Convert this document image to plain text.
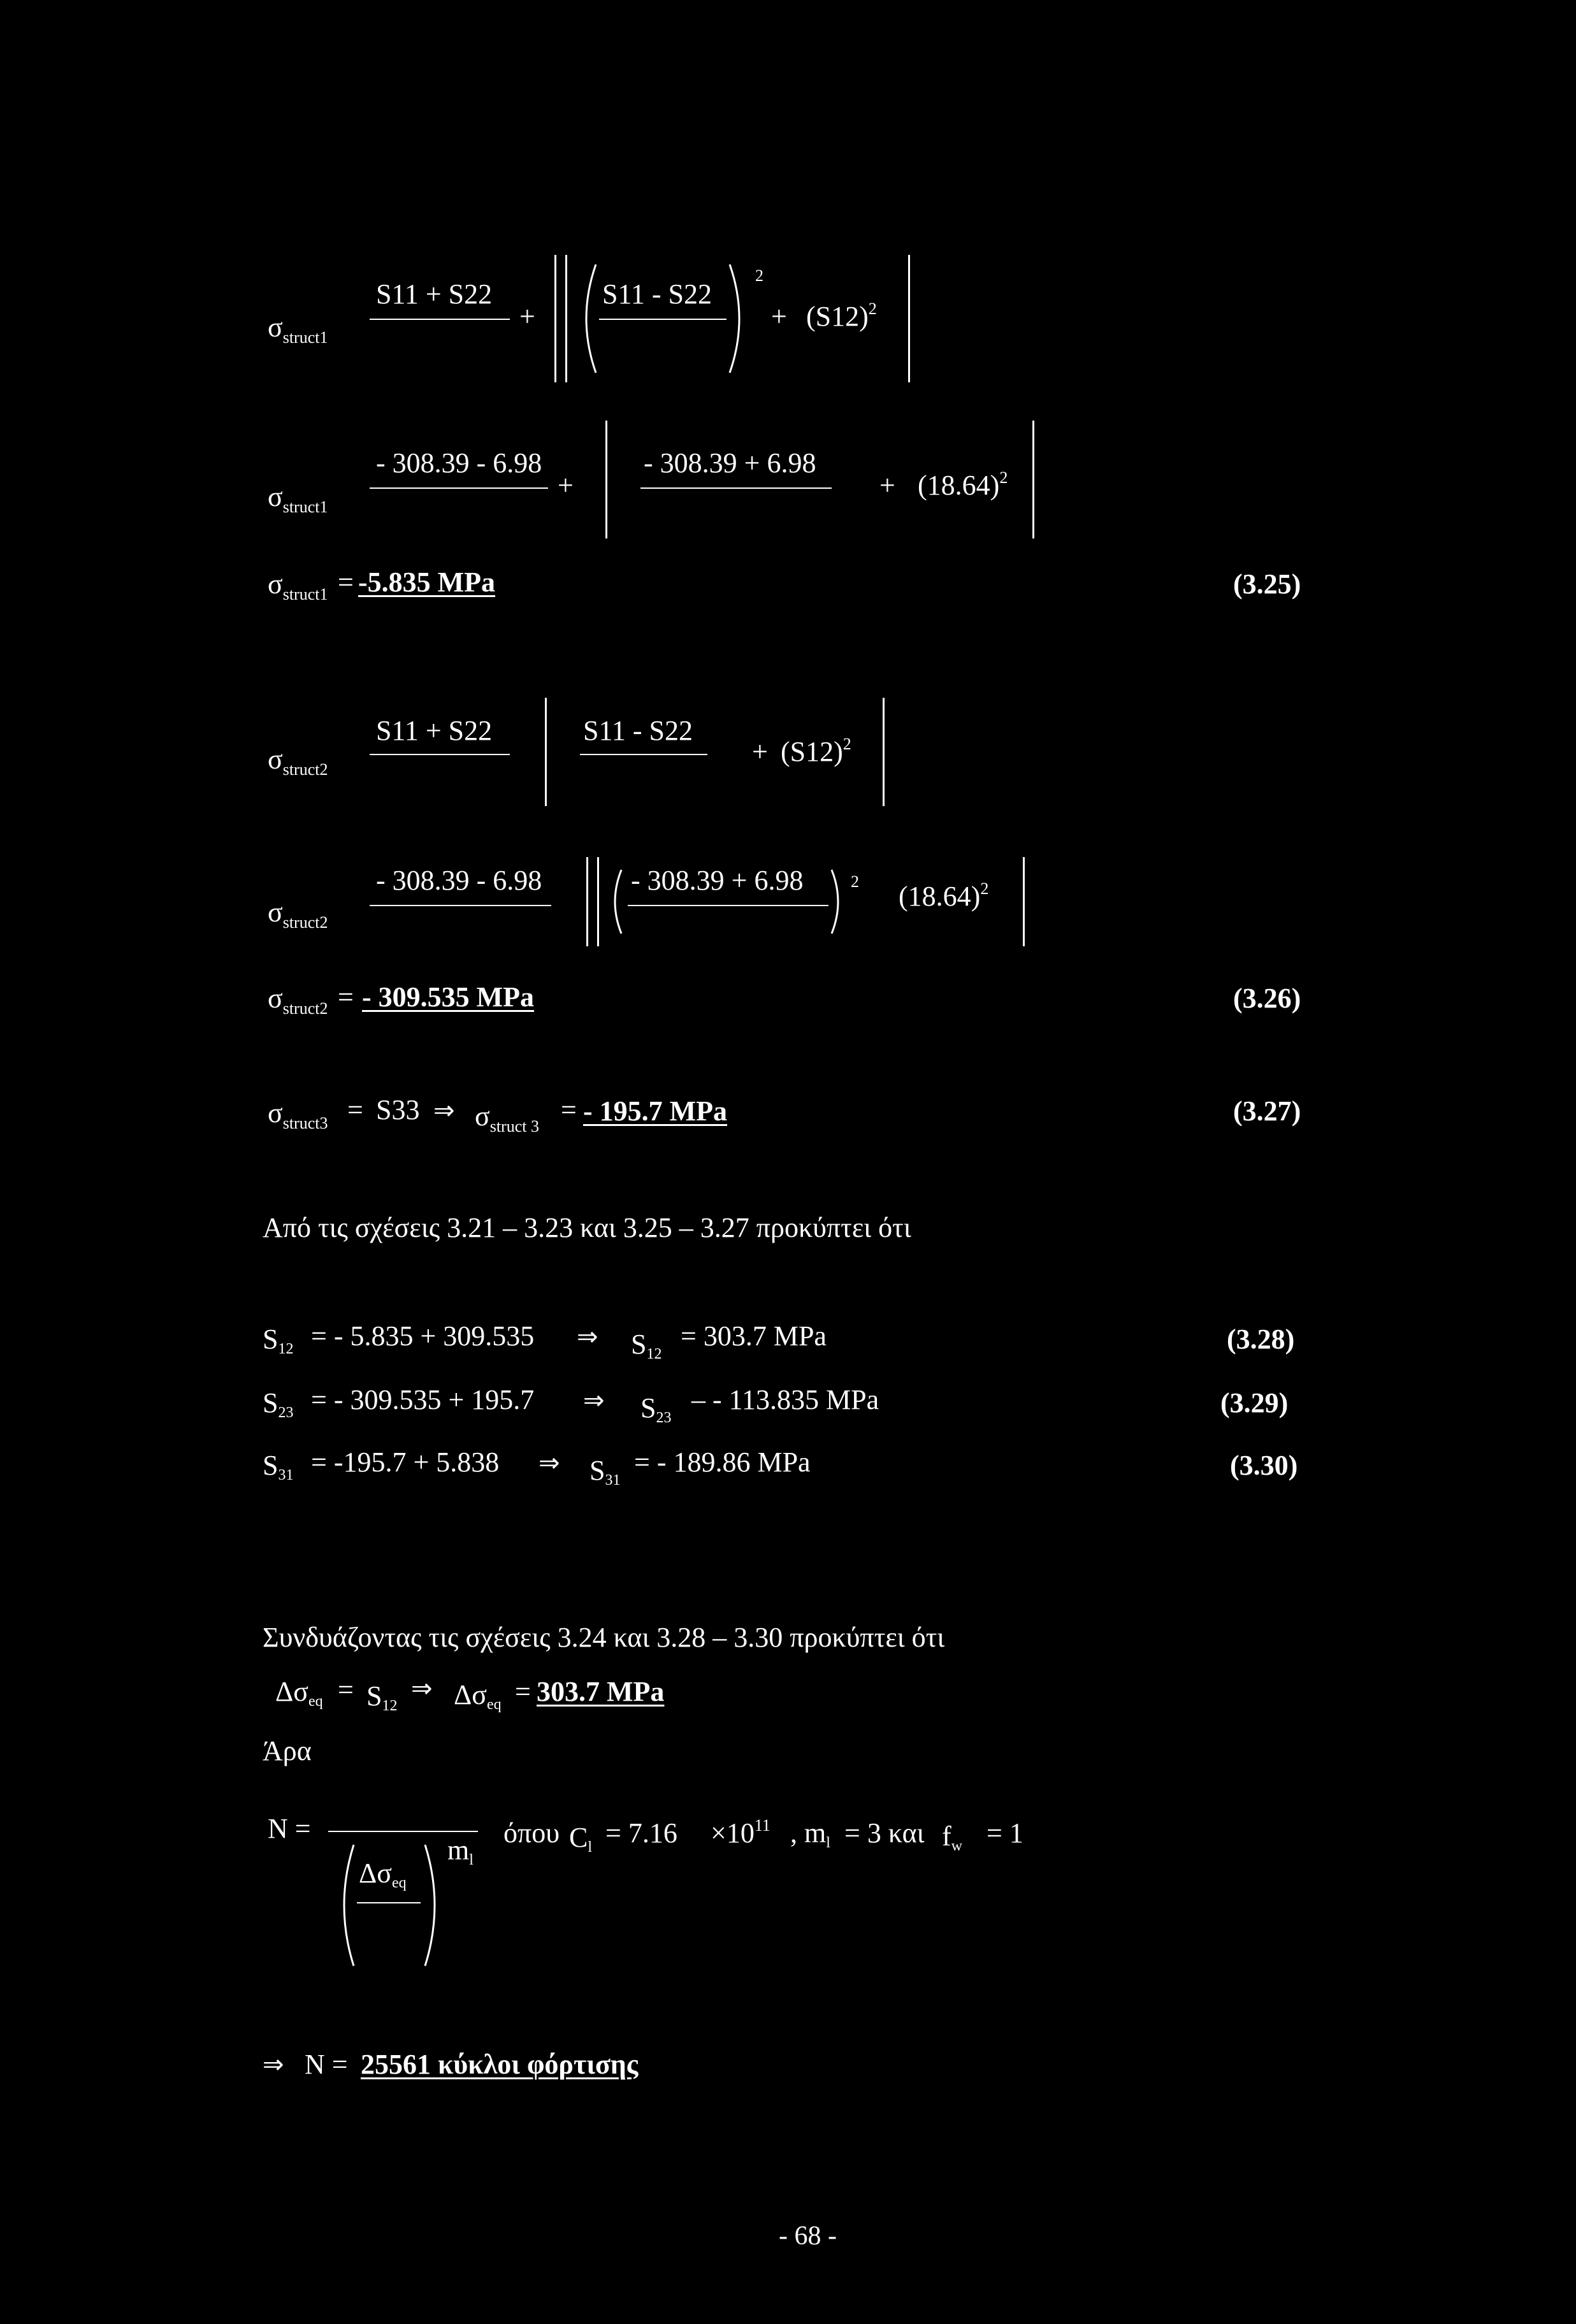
$\sigma_{struct1}$
S11 + S22
+
S11 - S22
2
+ $(S12)^2$
$\sigma_{struct1}$
- 308.39 - 6.98
+
- 308.39 + 6.98
+ $(18.64)^2$
$\sigma_{struct1} = -5.835$ MPa	(3.25)
$\sigma_{struct2}$
S11 + S22	S11 - S22
+ $(S12)^2$
$\sigma_{struct2}$
- 308.39 - 6.98	- 308.39 + 6.98	2	$(18.64)^2$
$\sigma_{struct2}$ = - 309.535 MPa	(3.26)
$\sigma_{struct3} = S33$ ⇒ $\sigma_{struct 3}$
= - 195.7 MPa	(3.27)
Από τις σχέσεις 3.21 – 3.23 και 3.25 – 3.27 προκύπτει ότι
S12 = - 5.835 + 309.535 ⇒ S12
= 303.7 MPa	(3.28)
S23 = - 309.535 + 195.7 ⇒ S23
– - 113.835 MPa	(3.29)
S31 = -195.7 + 5.838 ⇒ S31
= - 189.86 MPa	(3.30)
Συνδυάζοντας τις σχέσεις 3.24 και 3.28 – 3.30 προκύπτει ότι
Δσeq = S12
⇒ Δσeq = 303.7 MPa
Άρα
N =
Δσeq
ml
όπου $Cl = 7.16 \times 10^{11}$ , ml = 3 και fw = 1
⇒ N = 25561 κύκλοι φόρτισης
- 68 -
